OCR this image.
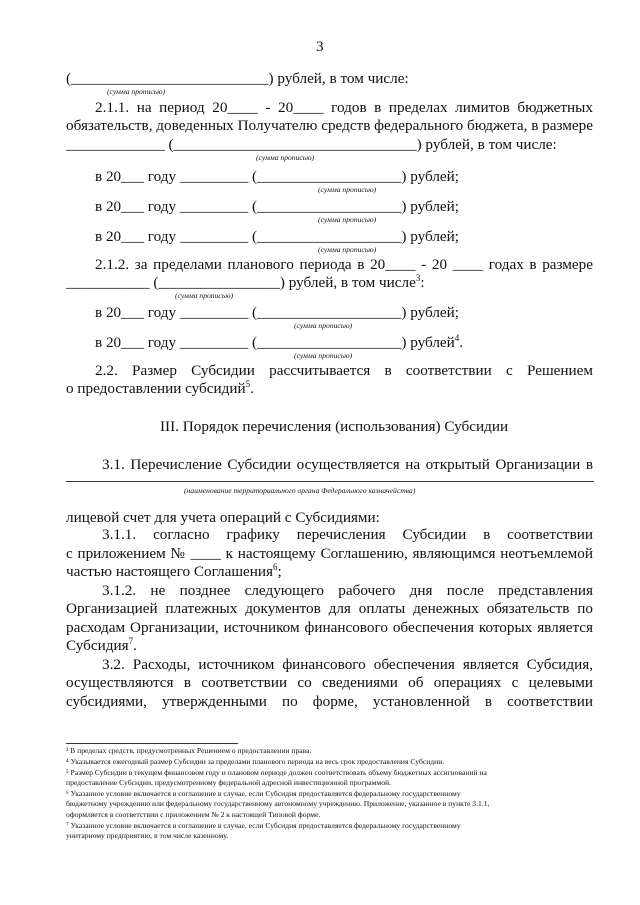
3
(__________________________) рублей, в том числе:
(сумма прописью)
2.1.1. на период 20____ - 20____ годов в пределах лимитов бюджетных
обязательств, доведенных Получателю средств федерального бюджета, в размере
_____________ (________________________________) рублей, в том числе:
(сумма прописью)
в 20___ году _________ (___________________) рублей;
(сумма прописью)
в 20___ году _________ (___________________) рублей;
(сумма прописью)
в 20___ году _________ (___________________) рублей;
(сумма прописью)
2.1.2. за пределами планового периода в 20____ - 20 ____ годах в размере
___________ (________________) рублей, в том числе$^3$:
(сумма прописью)
в 20___ году _________ (___________________) рублей;
(сумма прописью)
в 20___ году _________ (___________________) рублей$^4$.
(сумма прописью)
2.2. Размер Субсидии рассчитывается в соответствии с Решением
о предоставлении субсидий$^5$.
III. Порядок перечисления (использования) Субсидии
3.1. Перечисление Субсидии осуществляется на открытый Организации в
(наименование территориального органа Федерального казначейства)
лицевой счет для учета операций с Субсидиями:
3.1.1. согласно графику перечисления Субсидии в соответствии
с приложением № ____ к настоящему Соглашению, являющимся неотъемлемой
частью настоящего Соглашения$^6$;
3.1.2. не позднее следующего рабочего дня после представления
Организацией платежных документов для оплаты денежных обязательств по
расходам Организации, источником финансового обеспечения которых является
Субсидия$^7$.
3.2. Расходы, источником финансового обеспечения является Субсидия,
осуществляются в соответствии со сведениями об операциях с целевыми
субсидиями, утвержденными по форме, установленной в соответствии
³ В пределах средств, предусмотренных Решением о предоставлении права.
⁴ Указывается ежегодный размер Субсидии за пределами планового периода на весь срок предоставления Субсидии.
⁵ Размер Субсидии в текущем финансовом году и плановом периоде должен соответствовать объему бюджетных ассигнований на
предоставление Субсидии, предусмотренному федеральной адресной инвестиционной программой.
⁶ Указанное условие включается в соглашение в случае, если Субсидия предоставляется федеральному государственному
бюджетному учреждению или федеральному государственному автономному учреждению. Приложение, указанное в пункте 3.1.1,
оформляется в соответствии с приложением № 2 к настоящей Типовой форме.
⁷ Указанное условие включается в соглашение в случае, если Субсидия предоставляется федеральному государственному
унитарному предприятию, в том числе казенному.
